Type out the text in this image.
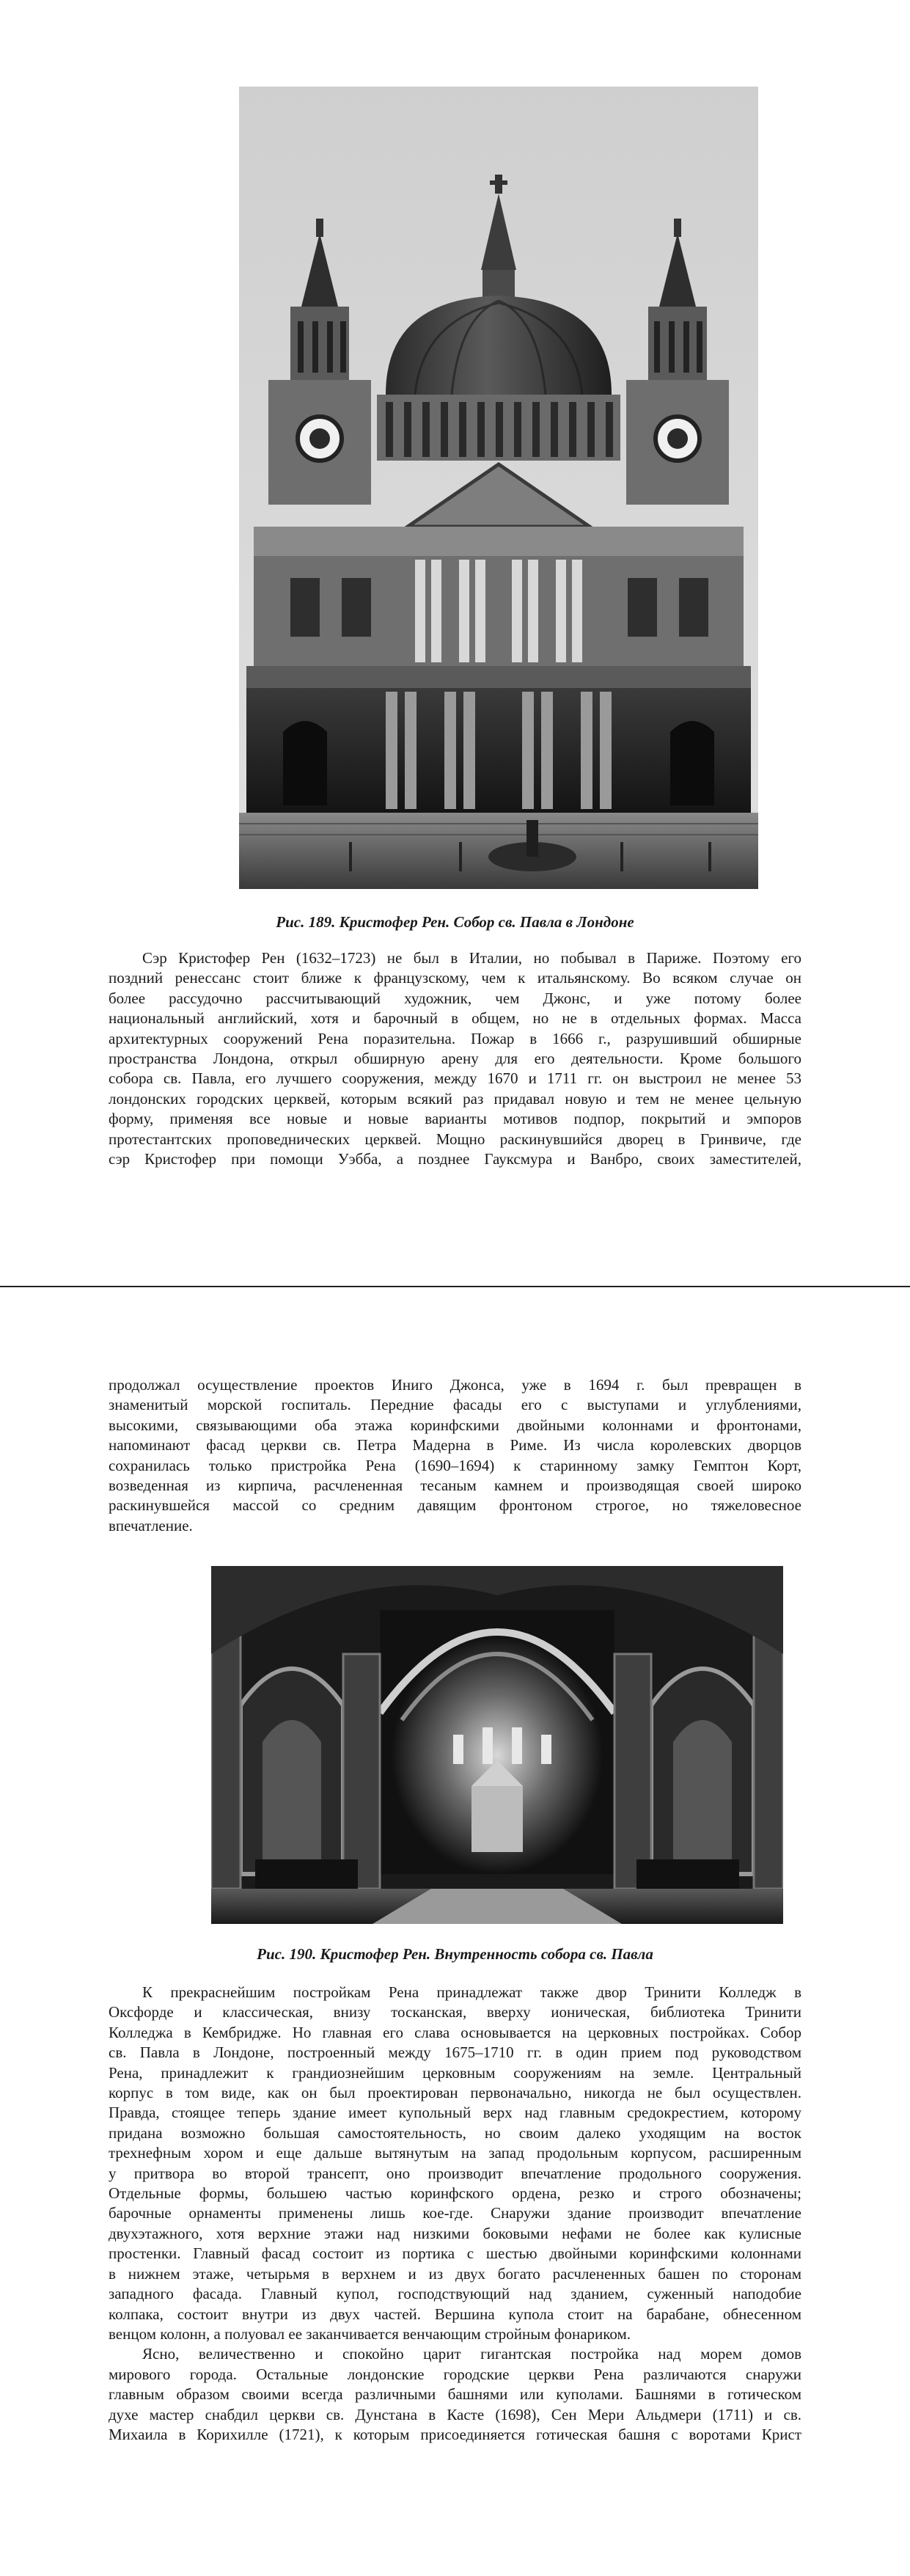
Рис. 189. Кристофер Рен. Собор св. Павла в Лондоне
Сэр Кристофер Рен (1632–1723) не был в Италии, но побывал в Париже. Поэтому его
поздний ренессанс стоит ближе к французскому, чем к итальянскому. Во всяком случае он
более рассудочно рассчитывающий художник, чем Джонс, и уже потому более
национальный английский, хотя и барочный в общем, но не в отдельных формах. Масса
архитектурных сооружений Рена поразительна. Пожар в 1666 г., разрушивший обширные
пространства Лондона, открыл обширную арену для его деятельности. Кроме большого
собора св. Павла, его лучшего сооружения, между 1670 и 1711 гг. он выстроил не менее 53
лондонских городских церквей, которым всякий раз придавал новую и тем не менее цельную
форму, применяя все новые и новые варианты мотивов подпор, покрытий и эмпоров
протестантских проповеднических церквей. Мощно раскинувшийся дворец в Гринвиче, где
сэр Кристофер при помощи Уэбба, а позднее Гауксмура и Ванбро, своих заместителей,
продолжал осуществление проектов Иниго Джонса, уже в 1694 г. был превращен в
знаменитый морской госпиталь. Передние фасады его с выступами и углублениями,
высокими, связывающими оба этажа коринфскими двойными колоннами и фронтонами,
напоминают фасад церкви св. Петра Мадерна в Риме. Из числа королевских дворцов
сохранилась только пристройка Рена (1690–1694) к старинному замку Гемптон Корт,
возведенная из кирпича, расчлененная тесаным камнем и производящая своей широко
раскинувшейся массой со средним давящим фронтоном строгое, но тяжеловесное
впечатление.
Рис. 190. Кристофер Рен. Внутренность собора св. Павла
К прекраснейшим постройкам Рена принадлежат также двор Тринити Колледж в
Оксфорде и классическая, внизу тосканская, вверху ионическая, библиотека Тринити
Колледжа в Кембридже. Но главная его слава основывается на церковных постройках. Собор
св. Павла в Лондоне, построенный между 1675–1710 гг. в один прием под руководством
Рена, принадлежит к грандиознейшим церковным сооружениям на земле. Центральный
корпус в том виде, как он был проектирован первоначально, никогда не был осуществлен.
Правда, стоящее теперь здание имеет купольный верх над главным средокрестием, которому
придана возможно большая самостоятельность, но своим далеко уходящим на восток
трехнефным хором и еще дальше вытянутым на запад продольным корпусом, расширенным
у притвора во второй трансепт, оно производит впечатление продольного сооружения.
Отдельные формы, большею частью коринфского ордена, резко и строго обозначены;
барочные орнаменты применены лишь кое-где. Снаружи здание производит впечатление
двухэтажного, хотя верхние этажи над низкими боковыми нефами не более как кулисные
простенки. Главный фасад состоит из портика с шестью двойными коринфскими колоннами
в нижнем этаже, четырьмя в верхнем и из двух богато расчлененных башен по сторонам
западного фасада. Главный купол, господствующий над зданием, суженный наподобие
колпака, состоит внутри из двух частей. Вершина купола стоит на барабане, обнесенном
венцом колонн, а полуовал ее заканчивается венчающим стройным фонариком.
Ясно, величественно и спокойно царит гигантская постройка над морем домов
мирового города. Остальные лондонские городские церкви Рена различаются снаружи
главным образом своими всегда различными башнями или куполами. Башнями в готическом
духе мастер снабдил церкви св. Дунстана в Касте (1698), Сен Мери Альдмери (1711) и св.
Михаила в Корихилле (1721), к которым присоединяется готическая башня с воротами Крист
